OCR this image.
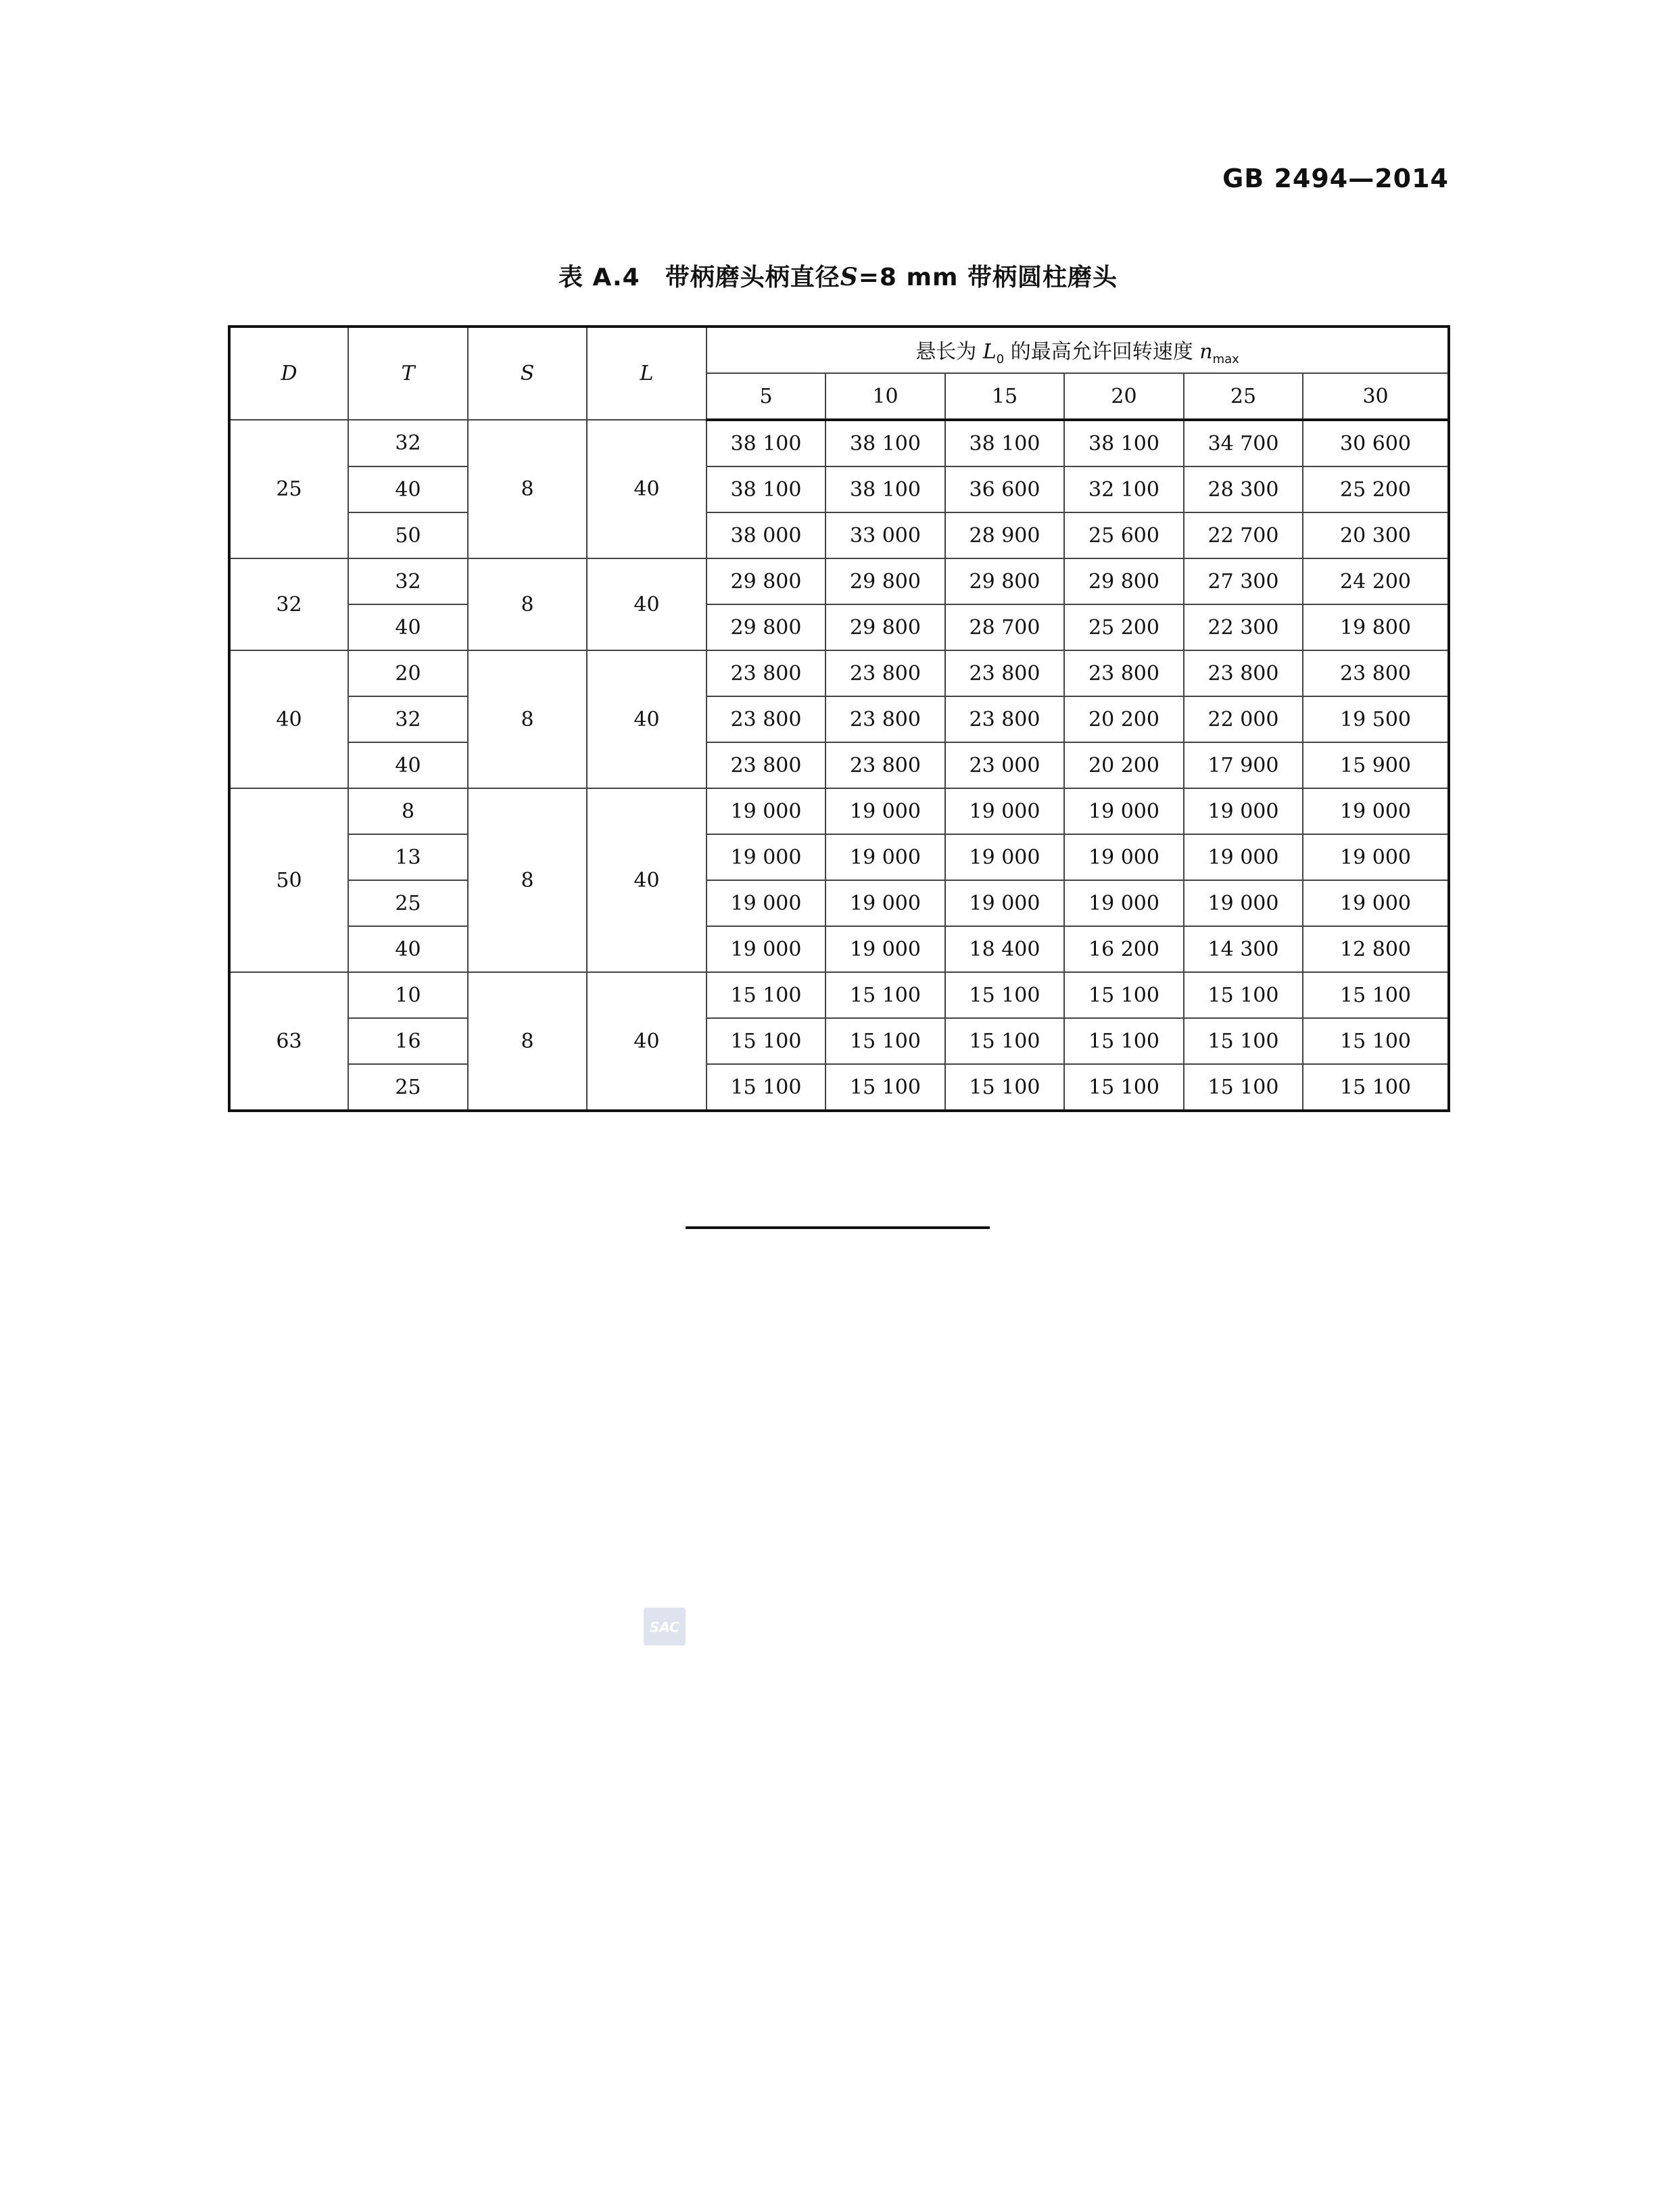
GB 2494—2014
表 A.4  带柄磨头柄直径S=8 mm 带柄圆柱磨头
D	T	S	L	悬长为 $L_0$ 的最高允许回转速度 $n_{max}$
				5	10	15	20	25	30
25	32	8	40	38 100	38 100	38 100	38 100	34 700	30 600
	40			38 100	38 100	36 600	32 100	28 300	25 200
	50			38 000	33 000	28 900	25 600	22 700	20 300
32	32	8	40	29 800	29 800	29 800	29 800	27 300	24 200
	40			29 800	29 800	28 700	25 200	22 300	19 800
40	20	8	40	23 800	23 800	23 800	23 800	23 800	23 800
	32			23 800	23 800	23 800	20 200	22 000	19 500
	40			23 800	23 800	23 000	20 200	17 900	15 900
50	8	8	40	19 000	19 000	19 000	19 000	19 000	19 000
	13			19 000	19 000	19 000	19 000	19 000	19 000
	25			19 000	19 000	19 000	19 000	19 000	19 000
	40			19 000	19 000	18 400	16 200	14 300	12 800
63	10	8	40	15 100	15 100	15 100	15 100	15 100	15 100
	16			15 100	15 100	15 100	15 100	15 100	15 100
	25			15 100	15 100	15 100	15 100	15 100	15 100
SAC
